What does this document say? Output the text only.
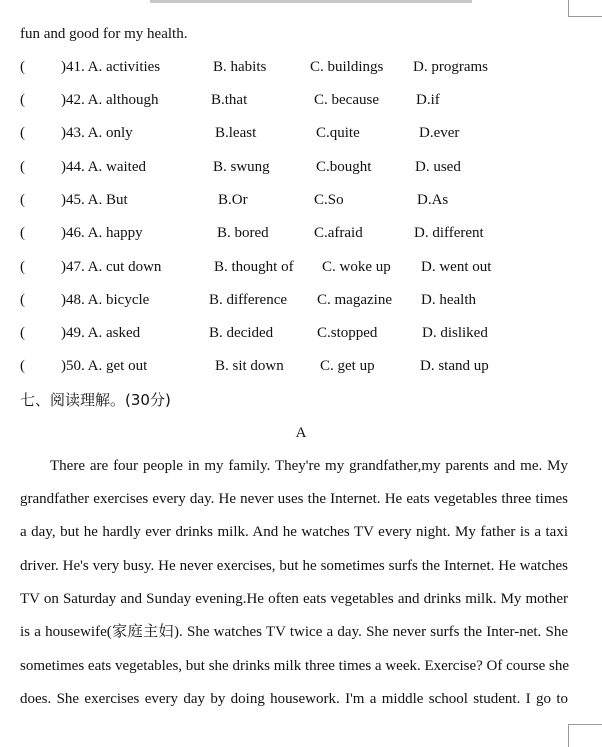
fun and good for my health.
( )41. A. activities	B. habits	C. buildings D. programs
( )42. A. although	B.that	C. because D.if
( )43. A. only	B.least	C.quite	D.ever
( )44. A. waited	B. swung	C.bought	D. used
( )45. A. But	B.Or	C.So	D.As
( )46. A. happy	B. bored	C.afraid	D. different
( )47. A. cut down	B. thought of C. woke up D. went out
( )48. A. bicycle	B. difference C. magazine D. health
( )49. A. asked	B. decided	C.stopped	D. disliked
( )50. A. get out	B. sit down C. get up	D. stand up
七、阅读理解。(30分)
A
There are four people in my family. They're my grandfather,my parents and me. My
grandfather exercises every day. He never uses the Internet. He eats vegetables three times
a day, but he hardly ever drinks milk. And he watches TV every night. My father is a taxi
driver. He's very busy. He never exercises, but he sometimes surfs the Internet. He watches
TV on Saturday and Sunday evening.He often eats vegetables and drinks milk. My mother
is a housewife(家庭主妇). She watches TV twice a day. She never surfs the Inter-net. She
sometimes eats vegetables, but she drinks milk three times a week. Exercise? Of course she
does. She exercises every day by doing housework. I'm a middle school student. I go to
